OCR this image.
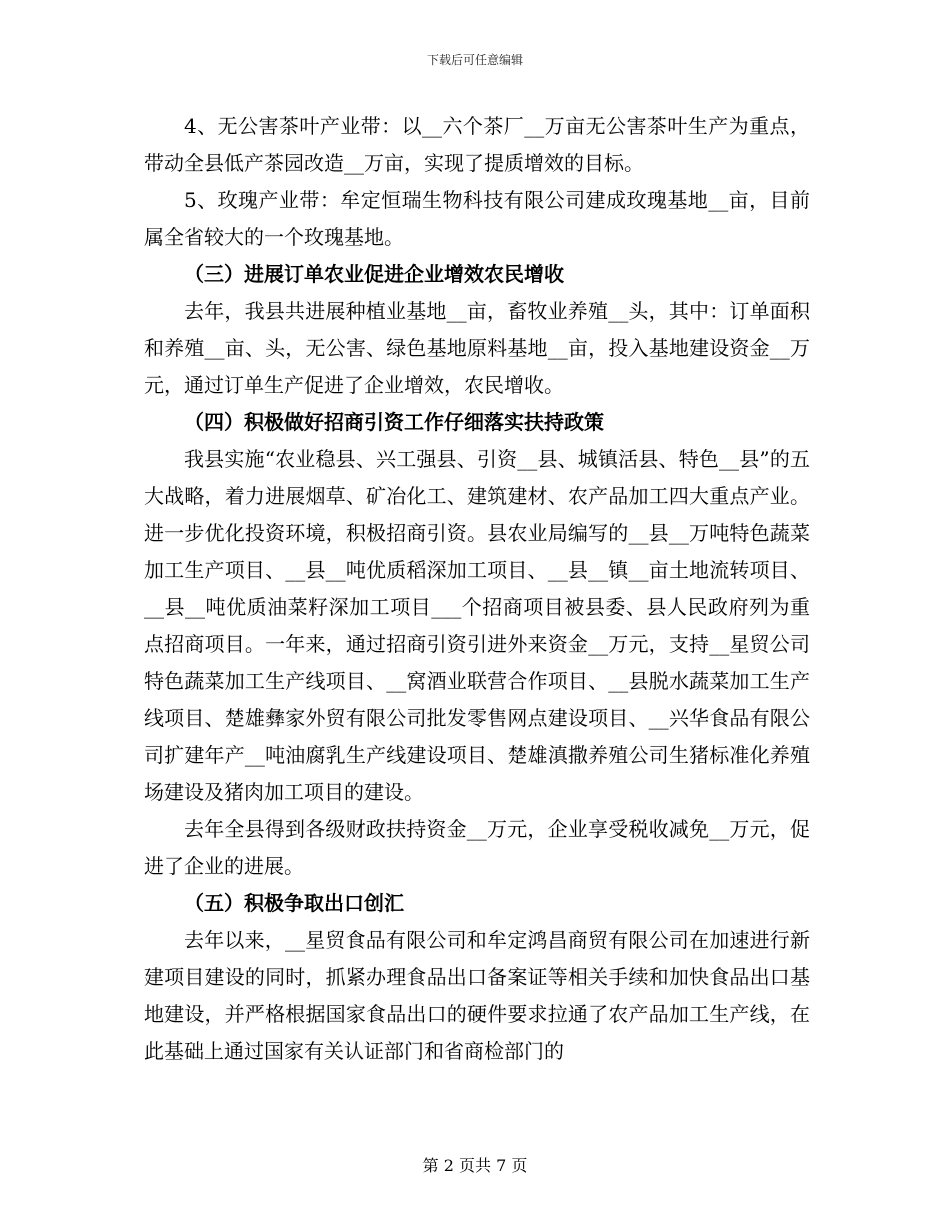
下载后可任意编辑

4、无公害茶叶产业带：以__六个茶厂__万亩无公害茶叶生产为重点，带动全县低产茶园改造__万亩，实现了提质增效的目标。

5、玫瑰产业带：牟定恒瑞生物科技有限公司建成玫瑰基地__亩，目前属全省较大的一个玫瑰基地。

（三）进展订单农业促进企业增效农民增收

去年，我县共进展种植业基地__亩，畜牧业养殖__头，其中：订单面积和养殖__亩、头，无公害、绿色基地原料基地__亩，投入基地建设资金__万元，通过订单生产促进了企业增效，农民增收。

（四）积极做好招商引资工作仔细落实扶持政策

我县实施“农业稳县、兴工强县、引资__县、城镇活县、特色__县”的五大战略，着力进展烟草、矿冶化工、建筑建材、农产品加工四大重点产业。进一步优化投资环境，积极招商引资。县农业局编写的__县__万吨特色蔬菜加工生产项目、__县__吨优质稻深加工项目、__县__镇__亩土地流转项目、__县__吨优质油菜籽深加工项目___个招商项目被县委、县人民政府列为重点招商项目。一年来，通过招商引资引进外来资金__万元，支持__星贸公司特色蔬菜加工生产线项目、__窝酒业联营合作项目、__县脱水蔬菜加工生产线项目、楚雄彝家外贸有限公司批发零售网点建设项目、__兴华食品有限公司扩建年产__吨油腐乳生产线建设项目、楚雄滇撒养殖公司生猪标准化养殖场建设及猪肉加工项目的建设。

去年全县得到各级财政扶持资金__万元，企业享受税收减免__万元，促进了企业的进展。

（五）积极争取出口创汇

去年以来，__星贸食品有限公司和牟定鸿昌商贸有限公司在加速进行新建项目建设的同时，抓紧办理食品出口备案证等相关手续和加快食品出口基地建设，并严格根据国家食品出口的硬件要求拉通了农产品加工生产线，在此基础上通过国家有关认证部门和省商检部门的

第 2 页共 7 页
